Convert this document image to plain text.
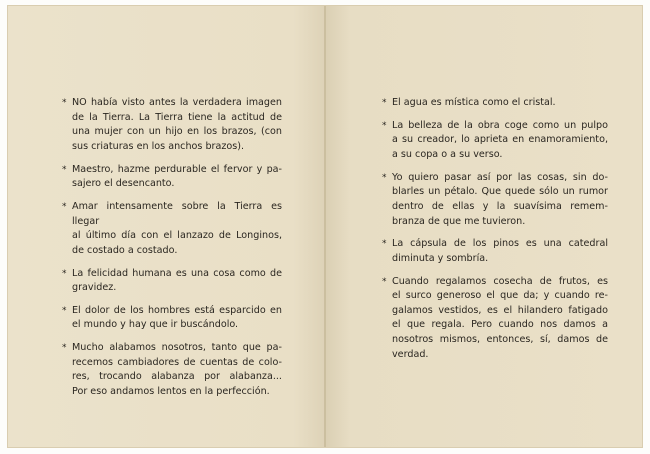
* NO había visto antes la verdadera imagen
de la Tierra. La Tierra tiene la actitud de
una mujer con un hijo en los brazos, (con
sus criaturas en los anchos brazos).
* Maestro, hazme perdurable el fervor y pa-
sajero el desencanto.
* Amar intensamente sobre la Tierra es llegar
al último día con el lanzazo de Longinos,
de costado a costado.
* La felicidad humana es una cosa como de
gravidez.
* El dolor de los hombres está esparcido en
el mundo y hay que ir buscándolo.
* Mucho alabamos nosotros, tanto que pa-
recemos cambiadores de cuentas de colo-
res, trocando alabanza por alabanza...
Por eso andamos lentos en la perfección.
* El agua es mística como el cristal.
* La belleza de la obra coge como un pulpo
a su creador, lo aprieta en enamoramiento,
a su copa o a su verso.
* Yo quiero pasar así por las cosas, sin do-
blarles un pétalo. Que quede sólo un rumor
dentro de ellas y la suavísima remem-
branza de que me tuvieron.
* La cápsula de los pinos es una catedral
diminuta y sombría.
* Cuando regalamos cosecha de frutos, es
el surco generoso el que da; y cuando re-
galamos vestidos, es el hilandero fatigado
el que regala. Pero cuando nos damos a
nosotros mismos, entonces, sí, damos de
verdad.
